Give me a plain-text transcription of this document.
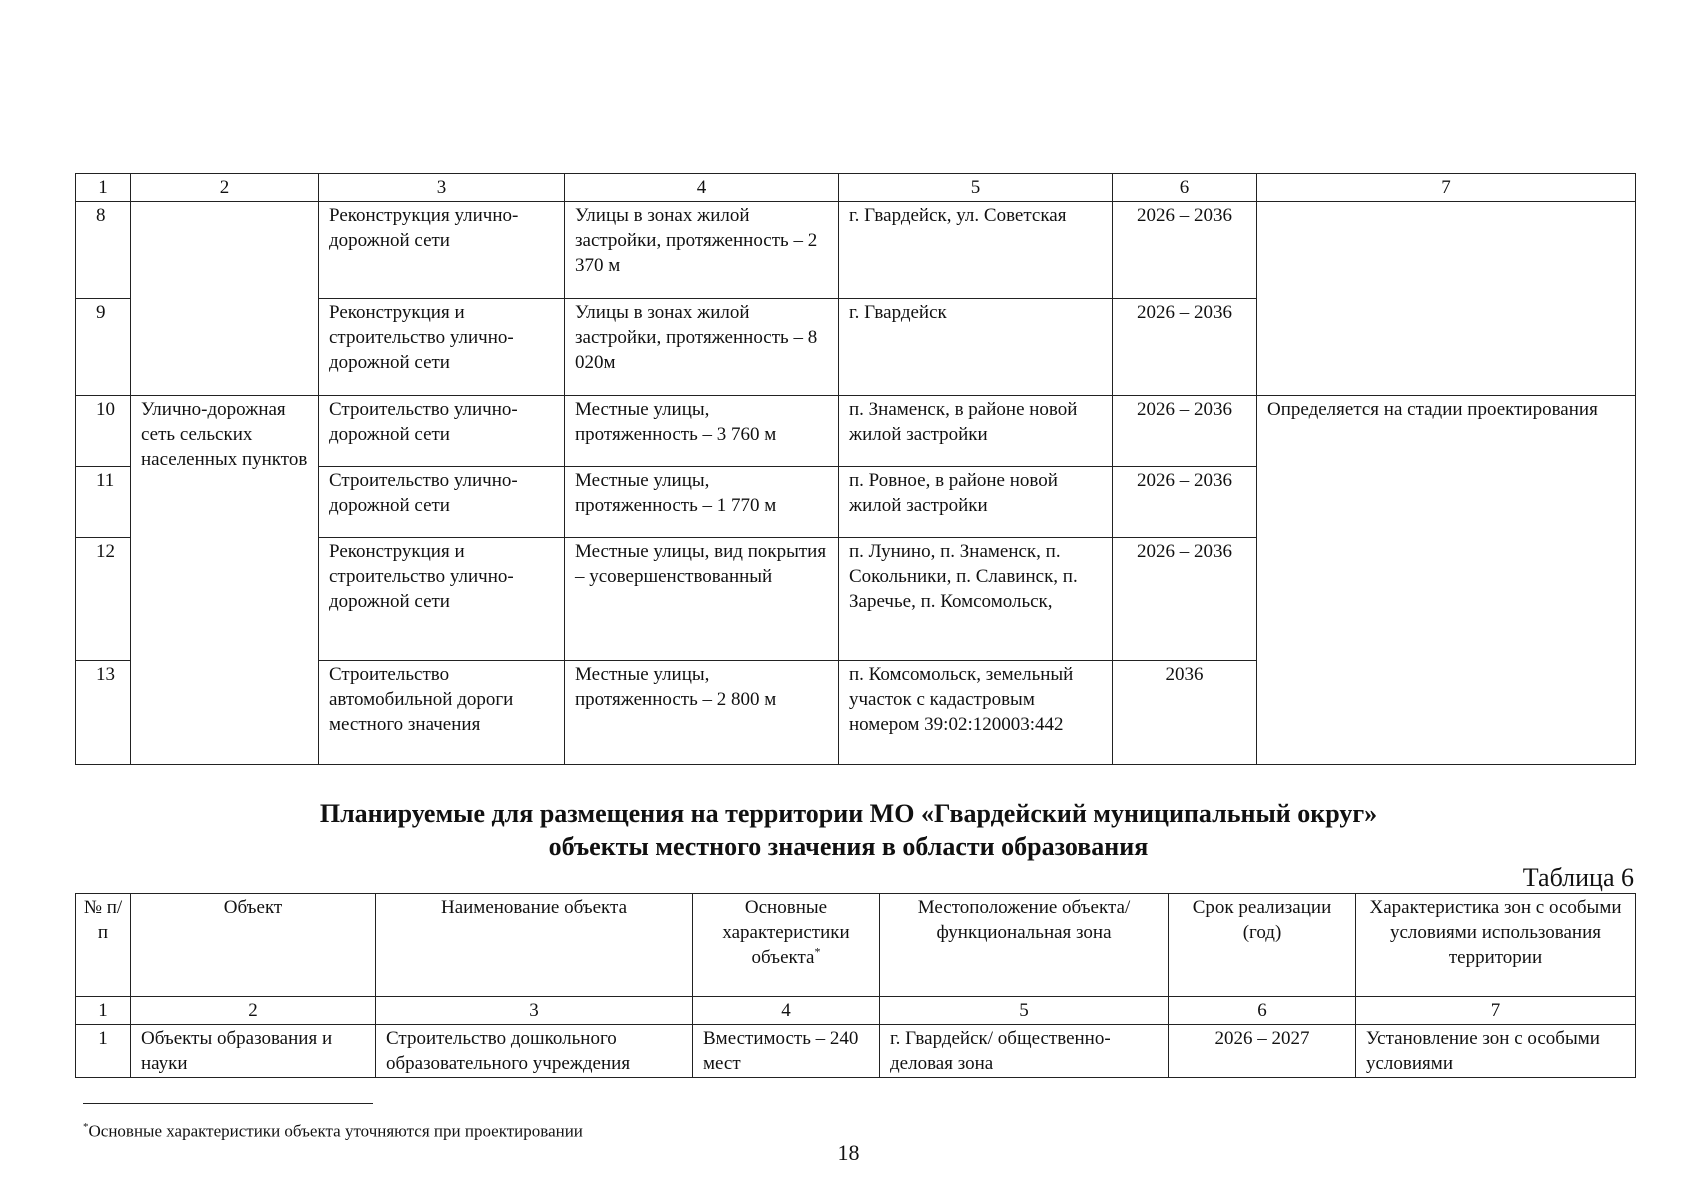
1	2	3	4	5	6	7
8		Реконструкция улично-дорожной сети	Улицы в зонах жилой застройки, протяженность – 2 370 м	г. Гвардейск, ул. Советская	2026 – 2036	
9		Реконструкция и строительство улично-дорожной сети	Улицы в зонах жилой застройки, протяженность – 8 020м	г. Гвардейск	2026 – 2036	
10	Улично-дорожная сеть сельских населенных пунктов	Строительство улично-дорожной сети	Местные улицы, протяженность – 3 760 м	п. Знаменск, в районе новой жилой застройки	2026 – 2036	Определяется на стадии проектирования
11		Строительство улично-дорожной сети	Местные улицы, протяженность – 1 770 м	п. Ровное, в районе новой жилой застройки	2026 – 2036	
12		Реконструкция и строительство улично-дорожной сети	Местные улицы, вид покрытия – усовершенствованный	п. Лунино, п. Знаменск, п. Сокольники, п. Славинск, п. Заречье, п. Комсомольск,	2026 – 2036	
13		Строительство автомобильной дороги местного значения	Местные улицы, протяженность – 2 800 м	п. Комсомольск, земельный участок с кадастровым номером 39:02:120003:442	2036	
Планируемые для размещения на территории МО «Гвардейский муниципальный округ»
объекты местного значения в области образования
Таблица 6
№ п/п	Объект	Наименование объекта	Основные характеристики объекта*	Местоположение объекта/ функциональная зона	Срок реализации (год)	Характеристика зон с особыми условиями использования территории
1	2	3	4	5	6	7
1	Объекты образования и науки	Строительство дошкольного образовательного учреждения	Вместимость – 240 мест	г. Гвардейск/ общественно-деловая зона	2026 – 2027	Установление зон с особыми условиями
*Основные характеристики объекта уточняются при проектировании
18
